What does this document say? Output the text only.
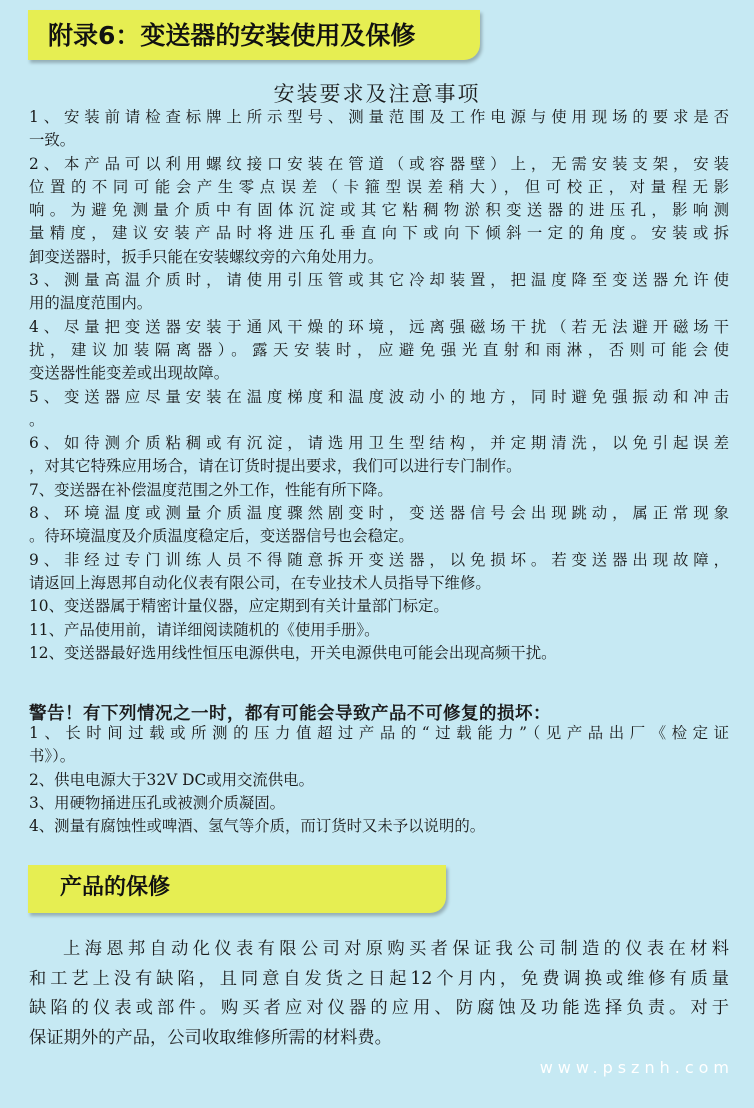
附录6：变送器的安装使用及保修
安装要求及注意事项
1、安装前请检查标牌上所示型号、测量范围及工作电源与使用现场的要求是否
一致。
2、本产品可以利用螺纹接口安装在管道（或容器壁）上，无需安装支架，安装
位置的不同可能会产生零点误差（卡箍型误差稍大），但可校正，对量程无影
响。为避免测量介质中有固体沉淀或其它粘稠物淤积变送器的进压孔，影响测
量精度，建议安装产品时将进压孔垂直向下或向下倾斜一定的角度。安装或拆
卸变送器时，扳手只能在安装螺纹旁的六角处用力。
3、测量高温介质时，请使用引压管或其它冷却装置，把温度降至变送器允许使
用的温度范围内。
4、尽量把变送器安装于通风干燥的环境，远离强磁场干扰（若无法避开磁场干
扰，建议加装隔离器）。露天安装时，应避免强光直射和雨淋，否则可能会使
变送器性能变差或出现故障。
5、变送器应尽量安装在温度梯度和温度波动小的地方，同时避免强振动和冲击
。
6、如待测介质粘稠或有沉淀，请选用卫生型结构，并定期清洗，以免引起误差
，对其它特殊应用场合，请在订货时提出要求，我们可以进行专门制作。
7、变送器在补偿温度范围之外工作，性能有所下降。
8、环境温度或测量介质温度骤然剧变时，变送器信号会出现跳动，属正常现象
。待环境温度及介质温度稳定后，变送器信号也会稳定。
9、非经过专门训练人员不得随意拆开变送器，以免损坏。若变送器出现故障，
请返回上海恩邦自动化仪表有限公司，在专业技术人员指导下维修。
10、变送器属于精密计量仪器，应定期到有关计量部门标定。
11、产品使用前，请详细阅读随机的《使用手册》。
12、变送器最好选用线性恒压电源供电，开关电源供电可能会出现高频干扰。
警告！有下列情况之一时，都有可能会导致产品不可修复的损坏：
1、长时间过载或所测的压力值超过产品的“过载能力”（见产品出厂《检定证
书》）。
2、供电电源大于32V DC或用交流供电。
3、用硬物捅进压孔或被测介质凝固。
4、测量有腐蚀性或啤酒、氢气等介质，而订货时又未予以说明的。
产品的保修
上海恩邦自动化仪表有限公司对原购买者保证我公司制造的仪表在材料
和工艺上没有缺陷，且同意自发货之日起12个月内，免费调换或维修有质量
缺陷的仪表或部件。购买者应对仪器的应用、防腐蚀及功能选择负责。对于
保证期外的产品，公司收取维修所需的材料费。
www.psznh.com
